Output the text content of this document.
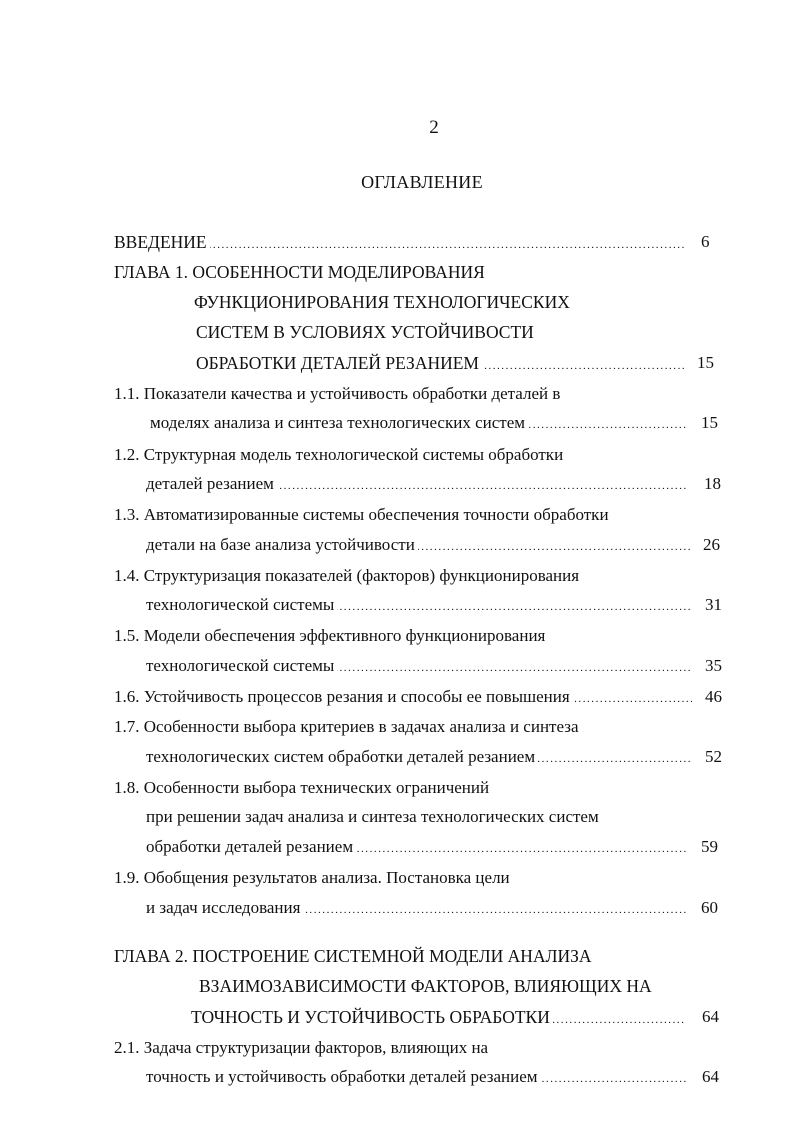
2
ОГЛАВЛЕНИЕ
. . .
ВВЕДЕНИЕ	6
ГЛАВА 1. ОСОБЕННОСТИ МОДЕЛИРОВАНИЯ
ФУНКЦИОНИРОВАНИЯ ТЕХНОЛОГИЧЕСКИХ
СИСТЕМ В УСЛОВИЯХ УСТОЙЧИВОСТИ
. . .
ОБРАБОТКИ ДЕТАЛЕЙ РЕЗАНИЕМ	15
1.1. Показатели качества и устойчивость обработки деталей в
. . .
моделях анализа и синтеза технологических систем	15
1.2. Структурная модель технологической системы обработки
. . .
деталей резанием	18
1.3. Автоматизированные системы обеспечения точности обработки
. . .
детали на базе анализа устойчивости	26
1.4. Структуризация показателей (факторов) функционирования
. . .
технологической системы	31
1.5. Модели обеспечения эффективного функционирования
. . .
технологической системы	35
. . .
1.6. Устойчивость процессов резания и способы ее повышения	46
1.7. Особенности выбора критериев в задачах анализа и синтеза
. . .
технологических систем обработки деталей резанием	52
1.8. Особенности выбора технических ограничений
при решении задач анализа и синтеза технологических систем
. . .
обработки деталей резанием	59
1.9. Обобщения результатов анализа. Постановка цели
. . .
и задач исследования	60
ГЛАВА 2. ПОСТРОЕНИЕ СИСТЕМНОЙ МОДЕЛИ АНАЛИЗА
ВЗАИМОЗАВИСИМОСТИ ФАКТОРОВ, ВЛИЯЮЩИХ НА
. . .
ТОЧНОСТЬ И УСТОЙЧИВОСТЬ ОБРАБОТКИ	64
2.1. Задача структуризации факторов, влияющих на
. . .
точность и устойчивость обработки деталей резанием	64
